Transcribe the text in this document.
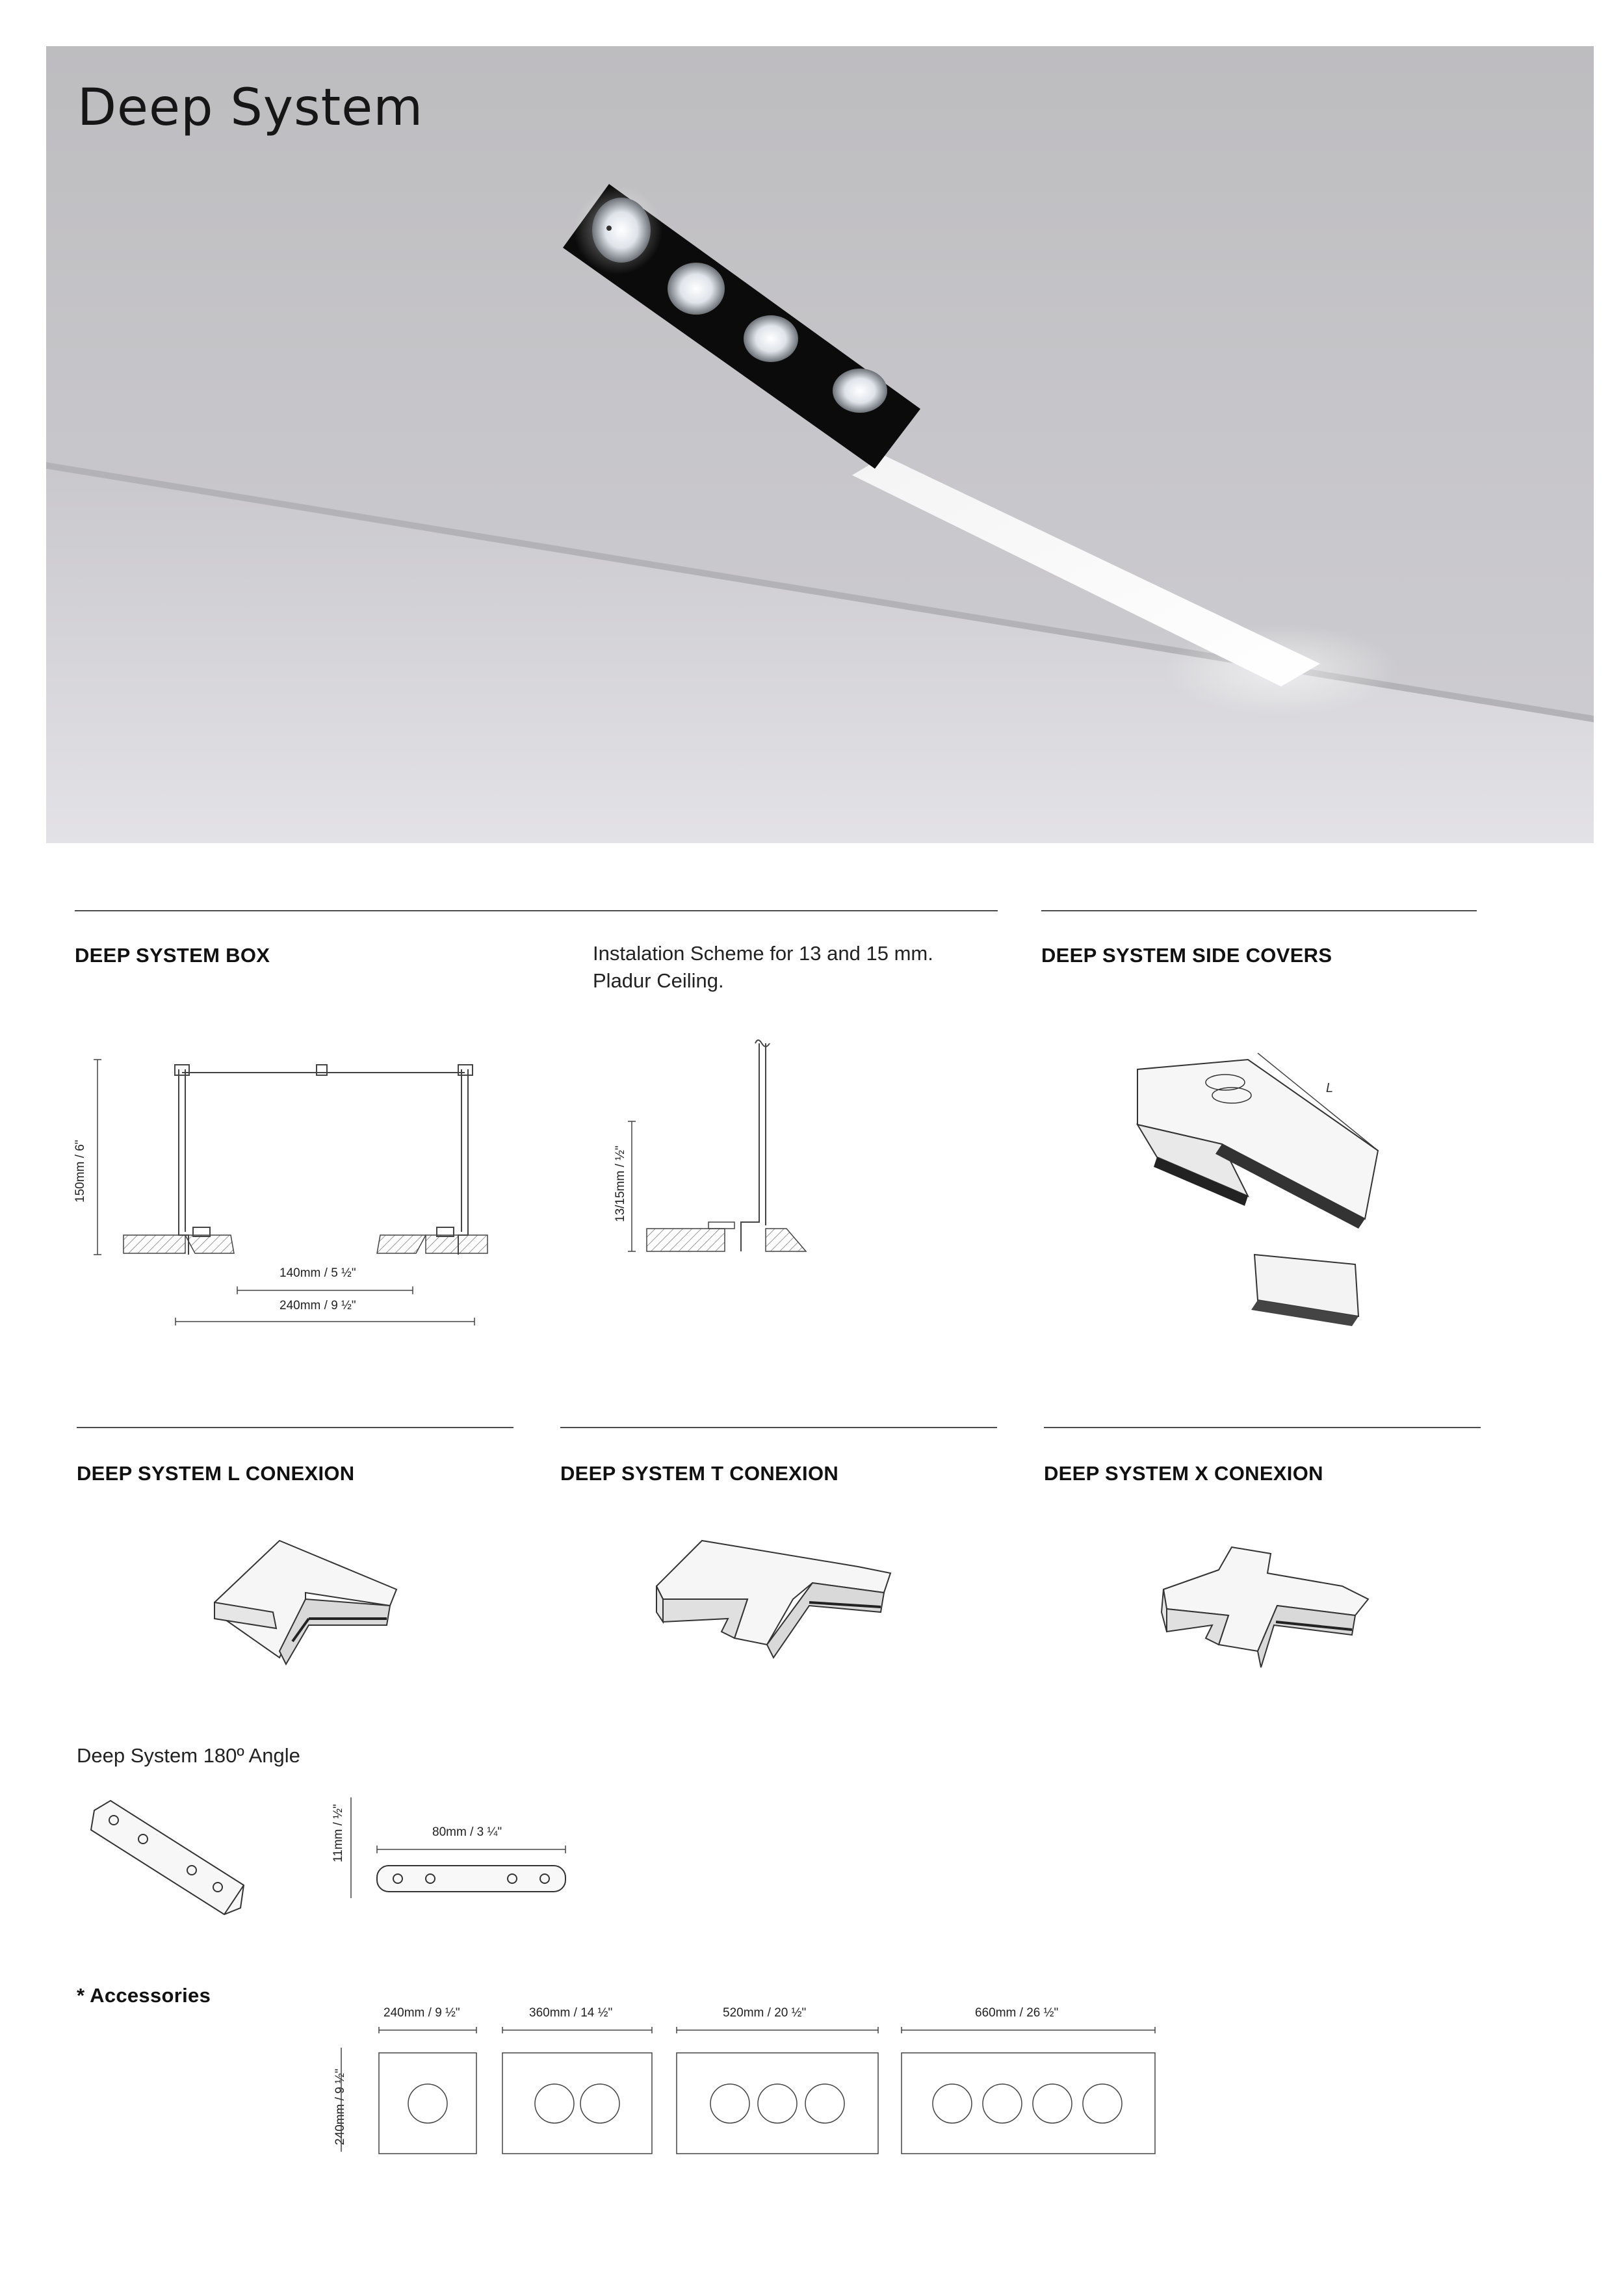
Deep System
DEEP SYSTEM BOX
150mm / 6"
140mm / 5 ½"
240mm / 9 ½"
Instalation Scheme for 13 and 15 mm.
Pladur Ceiling.
13/15mm / ½"
DEEP SYSTEM SIDE COVERS
L
DEEP SYSTEM L CONEXION	DEEP SYSTEM T CONEXION	DEEP SYSTEM X CONEXION
Deep System 180º Angle
11mm / ½"	80mm / 3 ¼"
* Accessories
240mm / 9 ½"
240mm / 9 ½"	360mm / 14 ½"	520mm / 20 ½"	660mm / 26 ½"
